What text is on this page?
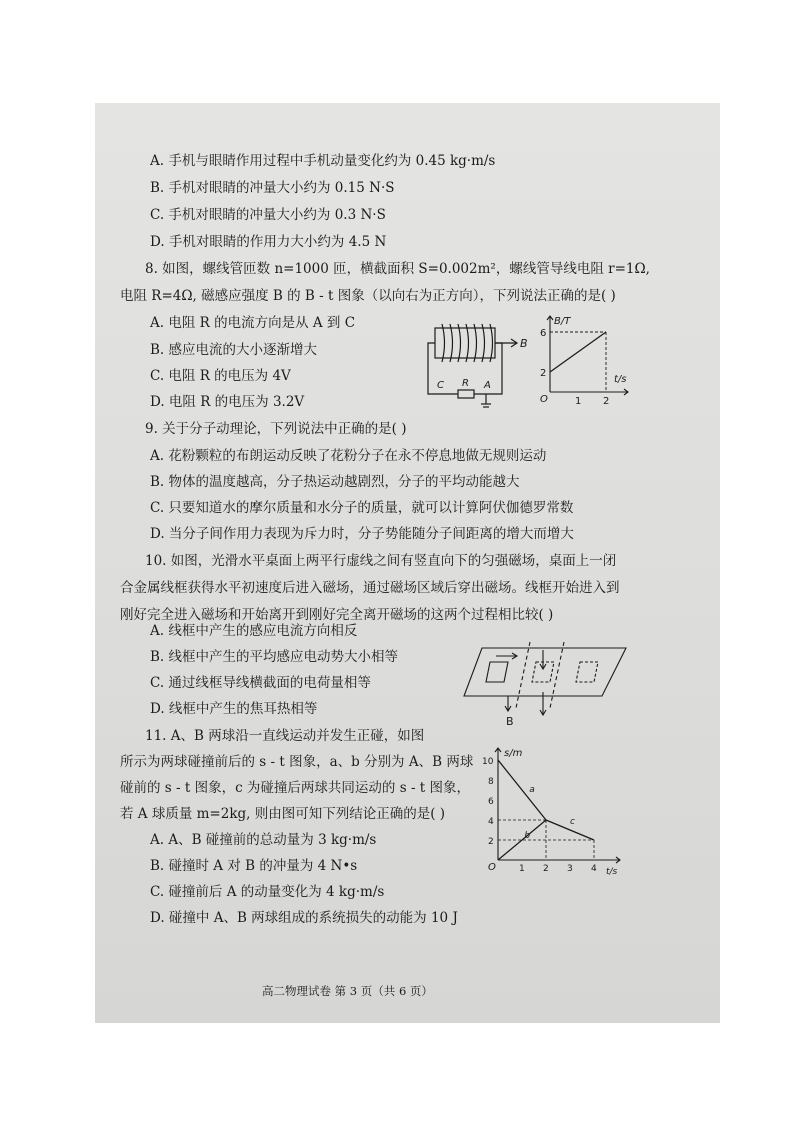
A. 手机与眼睛作用过程中手机动量变化约为 0.45 kg·m/s
B. 手机对眼睛的冲量大小约为 0.15 N·S
C. 手机对眼睛的冲量大小约为 0.3 N·S
D. 手机对眼睛的作用力大小约为 4.5 N
8. 如图，螺线管匝数 n=1000 匝，横截面积 S=0.002m²，螺线管导线电阻 r=1Ω,
电阻 R=4Ω, 磁感应强度 B 的 B - t 图象（以向右为正方向），下列说法正确的是( )
A. 电阻 R 的电流方向是从 A 到 C
B. 感应电流的大小逐渐增大
C. 电阻 R 的电压为 4V
D. 电阻 R 的电压为 3.2V
B
C R A
6
2
1 2
B/T
t/s
O
9. 关于分子动理论，下列说法中正确的是( )
A. 花粉颗粒的布朗运动反映了花粉分子在永不停息地做无规则运动
B. 物体的温度越高，分子热运动越剧烈，分子的平均动能越大
C. 只要知道水的摩尔质量和水分子的质量，就可以计算阿伏伽德罗常数
D. 当分子间作用力表现为斥力时，分子势能随分子间距离的增大而增大
10. 如图，光滑水平桌面上两平行虚线之间有竖直向下的匀强磁场，桌面上一闭
合金属线框获得水平初速度后进入磁场，通过磁场区域后穿出磁场。线框开始进入到
刚好完全进入磁场和开始离开到刚好完全离开磁场的这两个过程相比较( )
A. 线框中产生的感应电流方向相反
B. 线框中产生的平均感应电动势大小相等
C. 通过线框导线横截面的电荷量相等
D. 线框中产生的焦耳热相等
B
11. A、B 两球沿一直线运动并发生正碰，如图
所示为两球碰撞前后的 s - t 图象，a、b 分别为 A、B 两球
碰前的 s - t 图象，c 为碰撞后两球共同运动的 s - t 图象，
若 A 球质量 m=2kg, 则由图可知下列结论正确的是( )
A. A、B 碰撞前的总动量为 3 kg·m/s
B. 碰撞时 A 对 B 的冲量为 4 N•s
C. 碰撞前后 A 的动量变化为 4 kg·m/s
D. 碰撞中 A、B 两球组成的系统损失的动能为 10 J
a
b
c
10
8
6
4
2
1 2 3 4
s/m
t/s
O
高二物理试卷 第 3 页（共 6 页）
